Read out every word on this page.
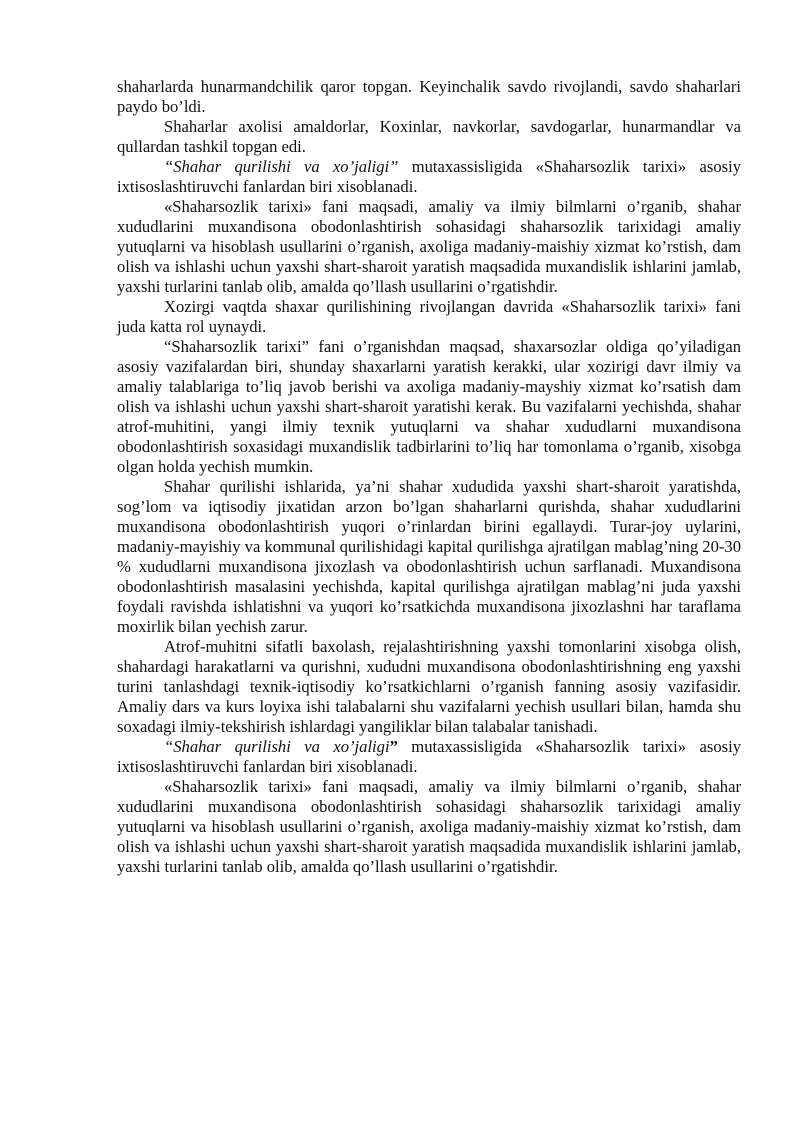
shaharlarda hunarmandchilik qaror topgan. Keyinchalik savdo rivojlandi, savdo shaharlari paydo bo’ldi.

Shaharlar axolisi amaldorlar, Koxinlar, navkorlar, savdogarlar, hunarmandlar va qullardan tashkil topgan edi.

“Shahar qurilishi va xo’jaligi” mutaxassisligida «Shaharsozlik tarixi» asosiy ixtisoslashtiruvchi fanlardan biri xisoblanadi.

«Shaharsozlik tarixi» fani maqsadi, amaliy va ilmiy bilmlarni o’rganib, shahar xududlarini muxandisona obodonlashtirish sohasidagi shaharsozlik tarixidagi amaliy yutuqlarni va hisoblash usullarini o’rganish, axoliga madaniy-maishiy xizmat ko’rstish, dam olish va ishlashi uchun yaxshi shart-sharoit yaratish maqsadida muxandislik ishlarini jamlab, yaxshi turlarini tanlab olib, amalda qo’llash usullarini o’rgatishdir.

Xozirgi vaqtda shaxar qurilishining rivojlangan davrida «Shaharsozlik tarixi» fani juda katta rol uynaydi.

“Shaharsozlik tarixi” fani o’rganishdan maqsad, shaxarsozlar oldiga qo’yiladigan asosiy vazifalardan biri, shunday shaxarlarni yaratish kerakki, ular xozirigi davr ilmiy va amaliy talablariga to’liq javob berishi va axoliga madaniy-mayshiy xizmat ko’rsatish dam olish va ishlashi uchun yaxshi shart-sharoit yaratishi kerak. Bu vazifalarni yechishda, shahar atrof-muhitini, yangi ilmiy texnik yutuqlarni va shahar xududlarni muxandisona obodonlashtirish soxasidagi muxandislik tadbirlarini to’liq har tomonlama o’rganib, xisobga olgan holda yechish mumkin.

Shahar qurilishi ishlarida, ya’ni shahar xududida yaxshi shart-sharoit yaratishda, sog’lom va iqtisodiy jixatidan arzon bo’lgan shaharlarni qurishda, shahar xududlarini muxandisona obodonlashtirish yuqori o’rinlardan birini egallaydi. Turar-joy uylarini, madaniy-mayishiy va kommunal qurilishidagi kapital qurilishga ajratilgan mablag’ning 20-30 % xududlarni muxandisona jixozlash va obodonlashtirish uchun sarflanadi. Muxandisona obodonlashtirish masalasini yechishda, kapital qurilishga ajratilgan mablag’ni juda yaxshi foydali ravishda ishlatishni va yuqori ko’rsatkichda muxandisona jixozlashni har taraflama moxirlik bilan yechish zarur.

Atrof-muhitni sifatli baxolash, rejalashtirishning yaxshi tomonlarini xisobga olish, shahardagi harakatlarni va qurishni, xududni muxandisona obodonlashtirishning eng yaxshi turini tanlashdagi texnik-iqtisodiy ko’rsatkichlarni o’rganish fanning asosiy vazifasidir. Amaliy dars va kurs loyixa ishi talabalarni shu vazifalarni yechish usullari bilan, hamda shu soxadagi ilmiy-tekshirish ishlardagi yangiliklar bilan talabalar tanishadi.

“Shahar qurilishi va xo’jaligi” mutaxassisligida «Shaharsozlik tarixi» asosiy ixtisoslashtiruvchi fanlardan biri xisoblanadi.

«Shaharsozlik tarixi» fani maqsadi, amaliy va ilmiy bilmlarni o’rganib, shahar xududlarini muxandisona obodonlashtirish sohasidagi shaharsozlik tarixidagi amaliy yutuqlarni va hisoblash usullarini o’rganish, axoliga madaniy-maishiy xizmat ko’rstish, dam olish va ishlashi uchun yaxshi shart-sharoit yaratish maqsadida muxandislik ishlarini jamlab, yaxshi turlarini tanlab olib, amalda qo’llash usullarini o’rgatishdir.
